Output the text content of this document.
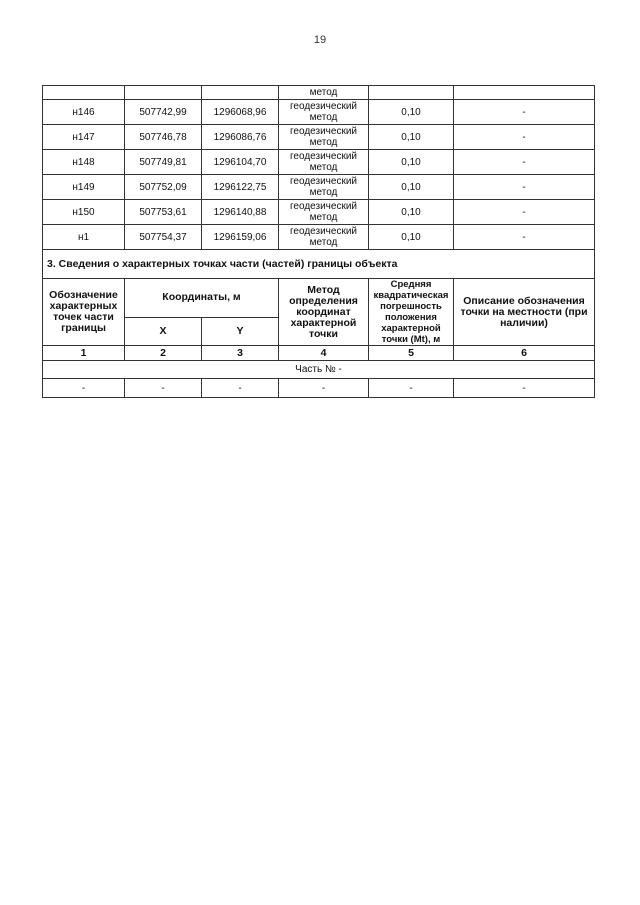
19
			метод		
н146	507742,99	1296068,96	геодезический
метод	0,10	-
н147	507746,78	1296086,76	геодезический
метод	0,10	-
н148	507749,81	1296104,70	геодезический
метод	0,10	-
н149	507752,09	1296122,75	геодезический
метод	0,10	-
н150	507753,61	1296140,88	геодезический
метод	0,10	-
н1	507754,37	1296159,06	геодезический
метод	0,10	-
3. Сведения о характерных точках части (частей) границы объекта					
Обозначение характерных точек части границы	Координаты, м		Метод определения координат характерной точки	Средняя квадратическая погрешность положения характерной точки (Mt), м	Описание обозначения точки на местности (при наличии)
	X	Y			
1	2	3	4	5	6
Часть № -					
-	-	-	-	-	-
